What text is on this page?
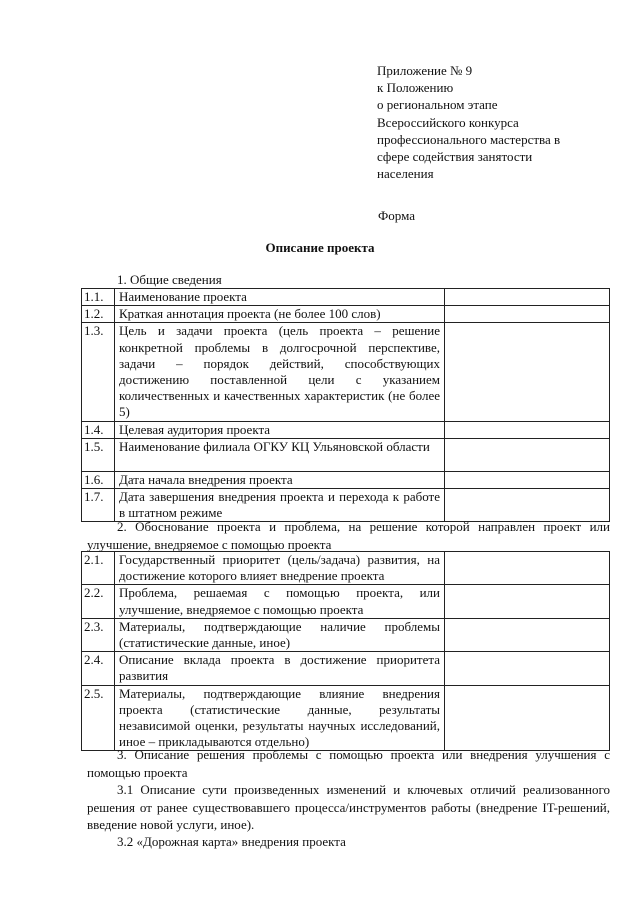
Приложение № 9
к Положению
о региональном этапе
Всероссийского конкурса
профессионального мастерства в
сфере содействия занятости
населения
Форма
Описание проекта
1. Общие сведения
1.1.	Наименование проекта	
1.2.	Краткая аннотация проекта (не более 100 слов)	
1.3.	Цель и задачи проекта (цель проекта – решение конкретной проблемы в долгосрочной перспективе, задачи – порядок действий, способствующих достижению поставленной цели с указанием количественных и качественных характеристик (не более 5)	
1.4.	Целевая аудитория проекта	
1.5.	Наименование филиала ОГКУ КЦ Ульяновской области	
1.6.	Дата начала внедрения проекта	
1.7.	Дата завершения внедрения проекта и перехода к работе в штатном режиме	
2. Обоснование проекта и проблема, на решение которой направлен проект или улучшение, внедряемое с помощью проекта
2.1.	Государственный приоритет (цель/задача) развития, на достижение которого влияет внедрение проекта	
2.2.	Проблема, решаемая с помощью проекта, или улучшение, внедряемое с помощью проекта	
2.3.	Материалы, подтверждающие наличие проблемы (статистические данные, иное)	
2.4.	Описание вклада проекта в достижение приоритета развития	
2.5.	Материалы, подтверждающие влияние внедрения проекта (статистические данные, результаты независимой оценки, результаты научных исследований, иное – прикладываются отдельно)	
3. Описание решения проблемы с помощью проекта или внедрения улучшения с помощью проекта
3.1 Описание сути произведенных изменений и ключевых отличий реализованного решения от ранее существовавшего процесса/инструментов работы (внедрение IT-решений, введение новой услуги, иное).
3.2 «Дорожная карта» внедрения проекта
